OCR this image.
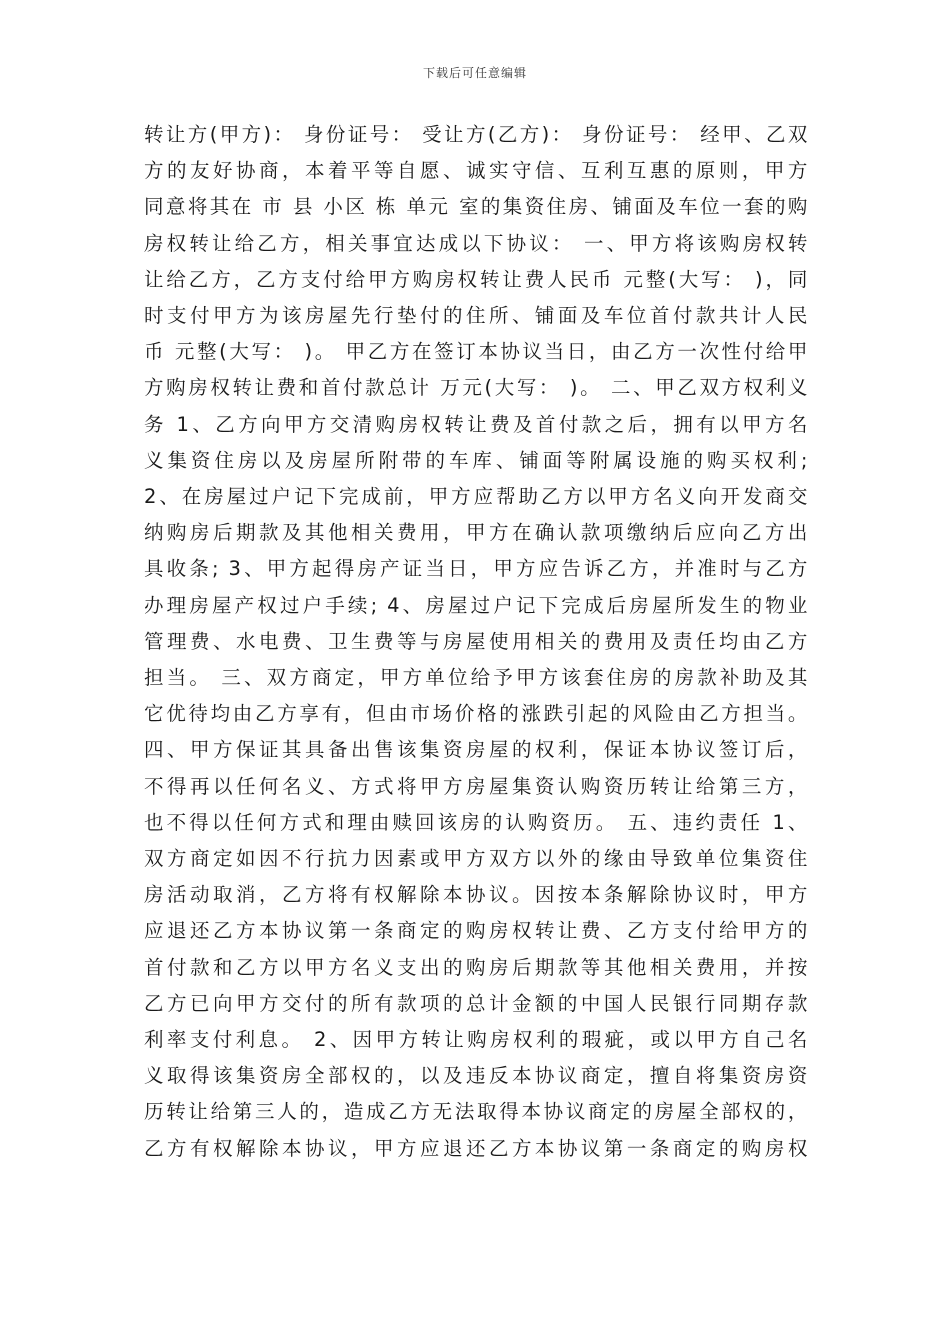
下载后可任意编辑
转让方(甲方)： 身份证号： 受让方(乙方)： 身份证号： 经甲、乙双
方的友好协商，本着平等自愿、诚实守信、互利互惠的原则，甲方
同意将其在 市 县 小区 栋 单元 室的集资住房、铺面及车位一套的购
房权转让给乙方，相关事宜达成以下协议： 一、甲方将该购房权转
让给乙方，乙方支付给甲方购房权转让费人民币 元整(大写： )，同
时支付甲方为该房屋先行垫付的住所、铺面及车位首付款共计人民
币 元整(大写： )。 甲乙方在签订本协议当日，由乙方一次性付给甲
方购房权转让费和首付款总计 万元(大写： )。 二、甲乙双方权利义
务 1、乙方向甲方交清购房权转让费及首付款之后，拥有以甲方名
义集资住房以及房屋所附带的车库、铺面等附属设施的购买权利;
2、在房屋过户记下完成前，甲方应帮助乙方以甲方名义向开发商交
纳购房后期款及其他相关费用，甲方在确认款项缴纳后应向乙方出
具收条; 3、甲方起得房产证当日，甲方应告诉乙方，并准时与乙方
办理房屋产权过户手续; 4、房屋过户记下完成后房屋所发生的物业
管理费、水电费、卫生费等与房屋使用相关的费用及责任均由乙方
担当。 三、双方商定，甲方单位给予甲方该套住房的房款补助及其
它优待均由乙方享有，但由市场价格的涨跌引起的风险由乙方担当。
四、甲方保证其具备出售该集资房屋的权利，保证本协议签订后，
不得再以任何名义、方式将甲方房屋集资认购资历转让给第三方，
也不得以任何方式和理由赎回该房的认购资历。 五、违约责任 1、
双方商定如因不行抗力因素或甲方双方以外的缘由导致单位集资住
房活动取消，乙方将有权解除本协议。因按本条解除协议时，甲方
应退还乙方本协议第一条商定的购房权转让费、乙方支付给甲方的
首付款和乙方以甲方名义支出的购房后期款等其他相关费用，并按
乙方已向甲方交付的所有款项的总计金额的中国人民银行同期存款
利率支付利息。 2、因甲方转让购房权利的瑕疵，或以甲方自己名
义取得该集资房全部权的，以及违反本协议商定，擅自将集资房资
历转让给第三人的，造成乙方无法取得本协议商定的房屋全部权的，
乙方有权解除本协议，甲方应退还乙方本协议第一条商定的购房权
